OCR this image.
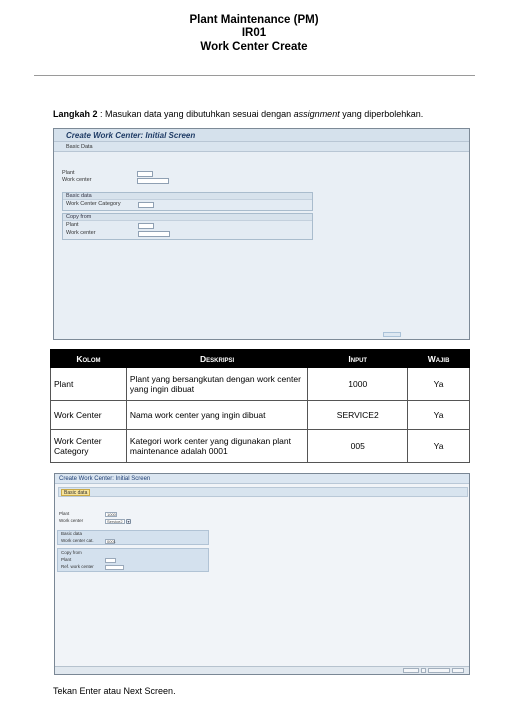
Plant Maintenance (PM)
IR01
Work Center Create
Langkah 2 : Masukan data yang dibutuhkan sesuai dengan assignment yang diperbolehkan.
Create Work Center: Initial Screen
Basic Data
Plant
Work center
Basic data
Work Center Category
Copy from
Plant
Work center
Kolom	Deskripsi	Input	Wajib
Plant	Plant yang bersangkutan dengan work center yang ingin dibuat	1000	Ya
Work Center	Nama work center yang ingin dibuat	SERVICE2	Ya
Work Center Category	Kategori work center yang digunakan plant maintenance adalah 0001	005	Ya
Create Work Center: Initial Screen
Basic data
Plant	1000
Work center	Service2	▾
Basic data
Work center cat.	0001
Copy from
Plant
Ref. work center
Tekan Enter atau Next Screen.
